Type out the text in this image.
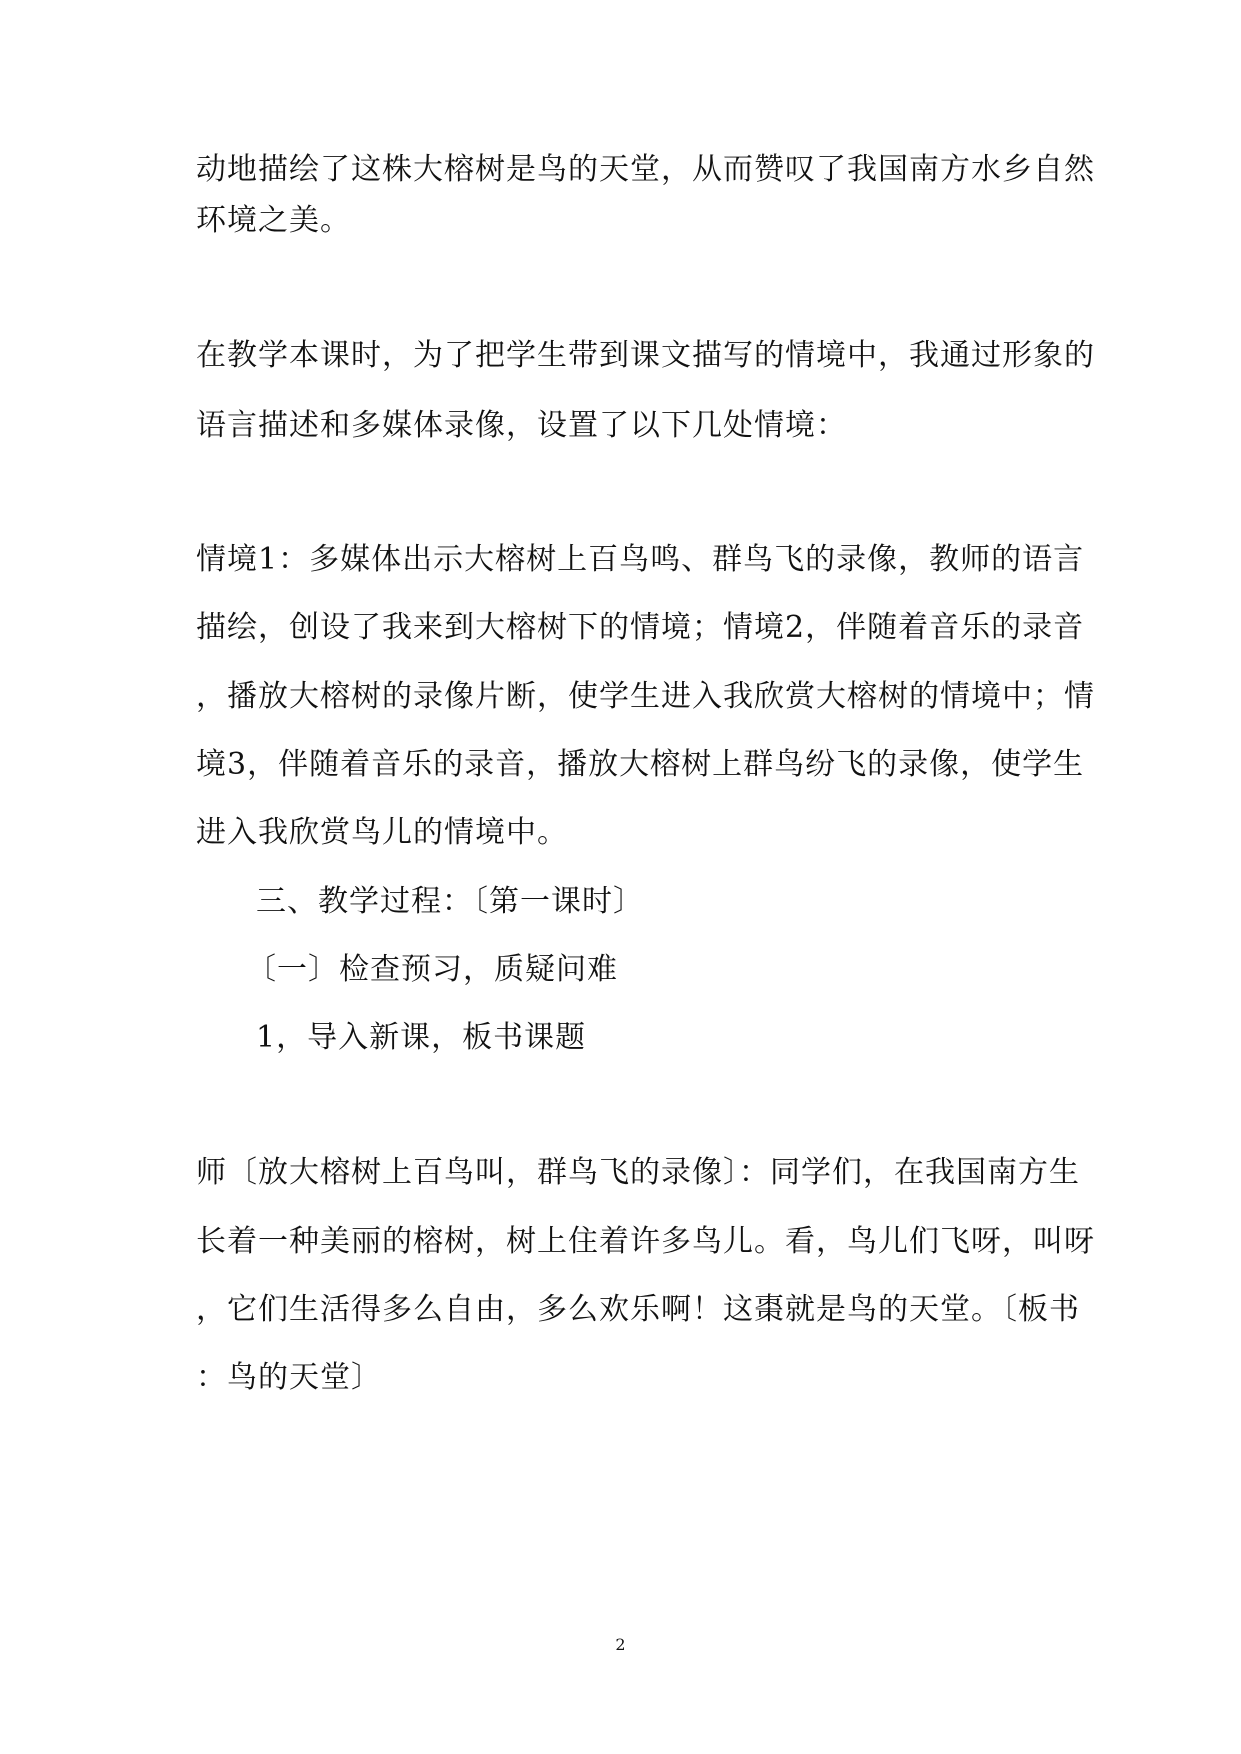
动地描绘了这株大榕树是鸟的天堂，从而赞叹了我国南方水乡自然
环境之美。
在教学本课时，为了把学生带到课文描写的情境中，我通过形象的
语言描述和多媒体录像，设置了以下几处情境：
情境1：多媒体出示大榕树上百鸟鸣、群鸟飞的录像，教师的语言
描绘，创设了我来到大榕树下的情境；情境2，伴随着音乐的录音
，播放大榕树的录像片断，使学生进入我欣赏大榕树的情境中；情
境3，伴随着音乐的录音，播放大榕树上群鸟纷飞的录像，使学生
进入我欣赏鸟儿的情境中。
三、教学过程：〔第一课时〕
〔一〕检查预习，质疑问难
1，导入新课，板书课题
师〔放大榕树上百鸟叫，群鸟飞的录像〕：同学们，在我国南方生
长着一种美丽的榕树，树上住着许多鸟儿。看，鸟儿们飞呀，叫呀
，它们生活得多么自由，多么欢乐啊！这棗就是鸟的天堂。〔板书
：鸟的天堂〕
2
